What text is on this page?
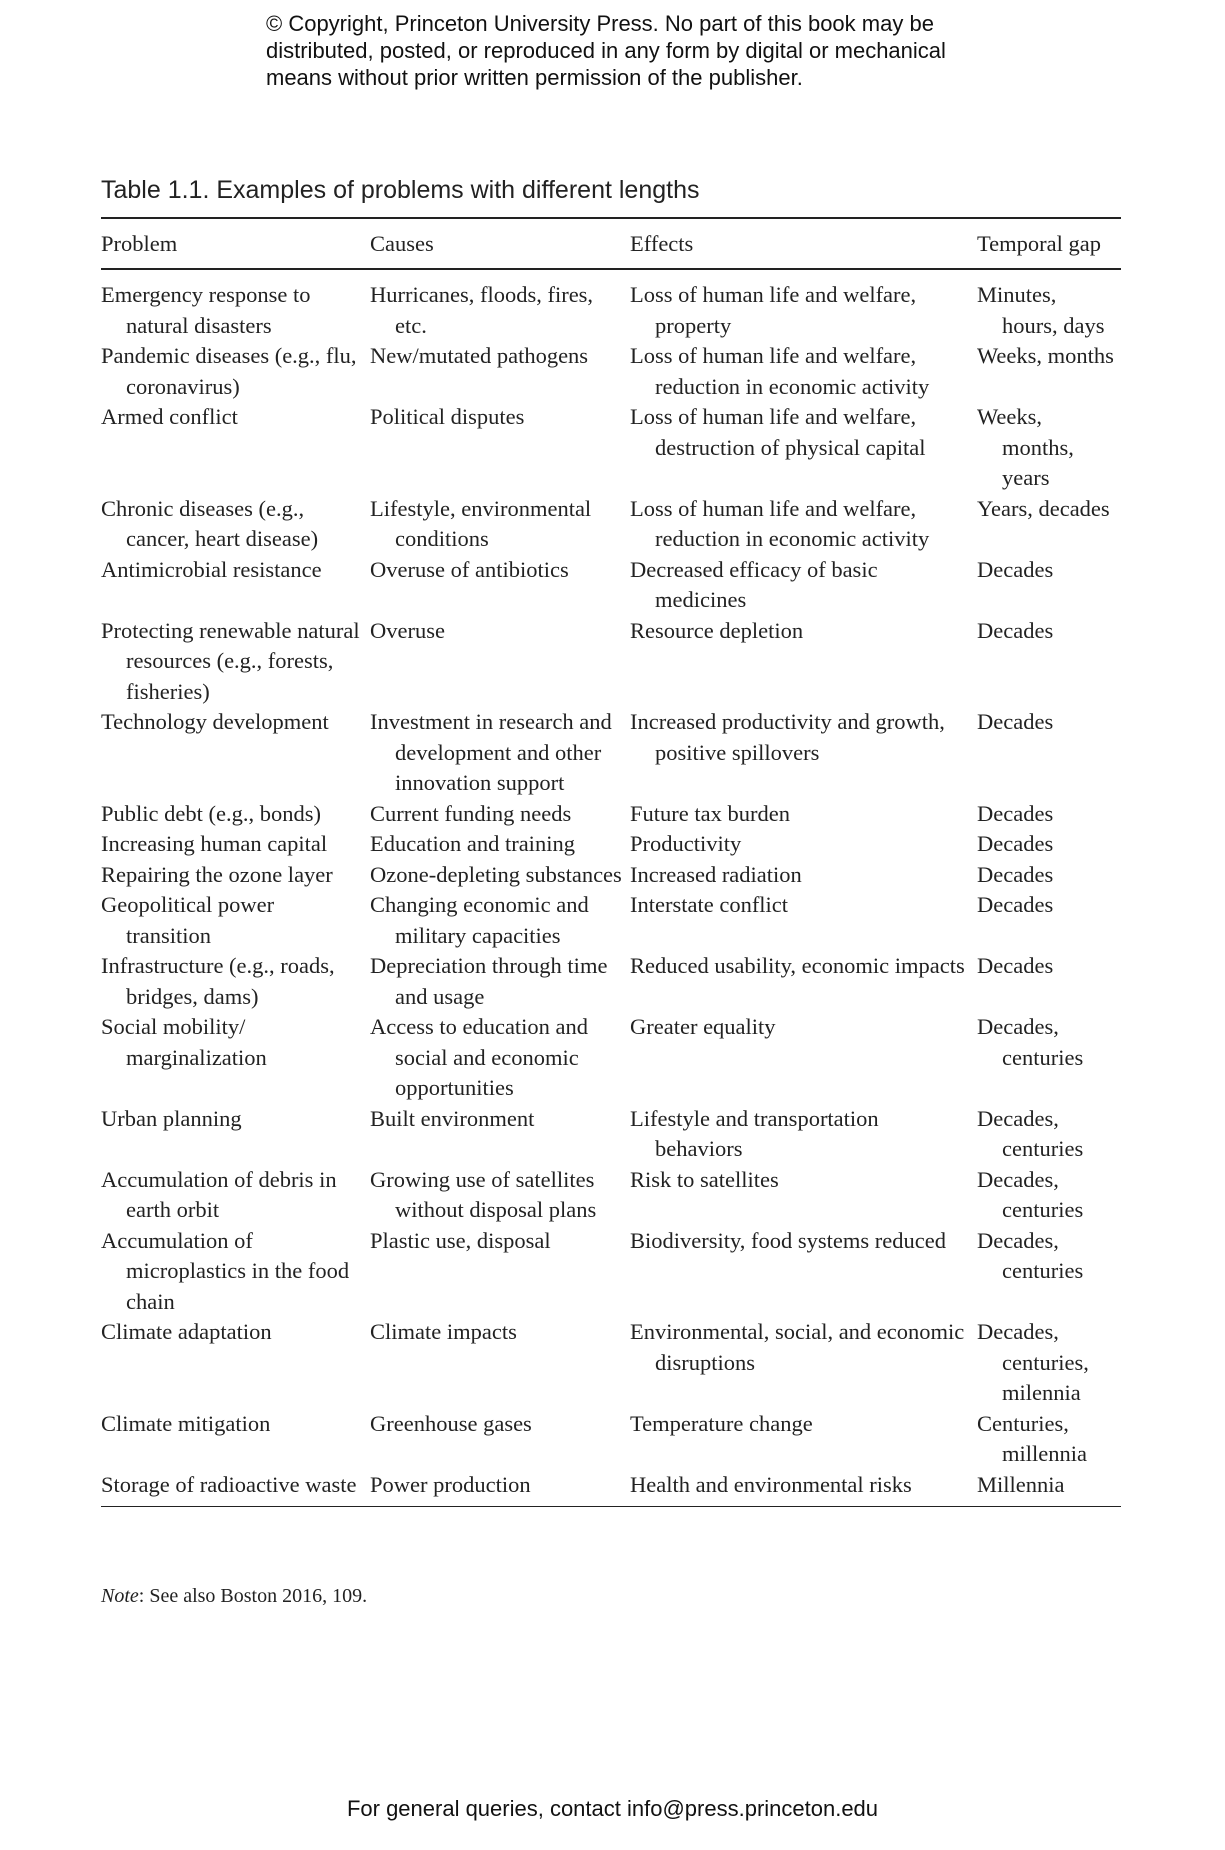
© Copyright, Princeton University Press. No part of this book may be
distributed, posted, or reproduced in any form by digital or mechanical
means without prior written permission of the publisher.
Table 1.1. Examples of problems with different lengths
Problem	Causes	Effects	Temporal gap

Emergency response to natural disasters	Hurricanes, floods, fires, etc.	Loss of human life and welfare, property	Minutes, hours, days

Pandemic diseases (e.g., flu, coronavirus)	New/mutated pathogens	Loss of human life and welfare, reduction in economic activity	Weeks, months

Armed conflict	Political disputes	Loss of human life and welfare, destruction of physical capital	Weeks, months, years

Chronic diseases (e.g., cancer, heart disease)	Lifestyle, environmental conditions	Loss of human life and welfare, reduction in economic activity	Years, decades

Antimicrobial resistance	Overuse of antibiotics	Decreased efficacy of basic medicines	Decades

Protecting renewable natural resources (e.g., forests, fisheries)	Overuse	Resource depletion	Decades

Technology development	Investment in research and development and other innovation support	Increased productivity and growth, positive spillovers	Decades

Public debt (e.g., bonds)	Current funding needs	Future tax burden	Decades

Increasing human capital	Education and training	Productivity	Decades

Repairing the ozone layer	Ozone-depleting substances	Increased radiation	Decades

Geopolitical power transition	Changing economic and military capacities	Interstate conflict	Decades

Infrastructure (e.g., roads, bridges, dams)	Depreciation through time and usage	Reduced usability, economic impacts	Decades

Social mobility/ marginalization	Access to education and social and economic opportunities	Greater equality	Decades, centuries

Urban planning	Built environment	Lifestyle and transportation behaviors	Decades, centuries

Accumulation of debris in earth orbit	Growing use of satellites without disposal plans	Risk to satellites	Decades, centuries

Accumulation of microplastics in the food chain	Plastic use, disposal	Biodiversity, food systems reduced	Decades, centuries

Climate adaptation	Climate impacts	Environmental, social, and economic disruptions	Decades, centuries, milennia

Climate mitigation	Greenhouse gases	Temperature change	Centuries, millennia

Storage of radioactive waste	Power production	Health and environmental risks	Millennia
Note: See also Boston 2016, 109.
For general queries, contact info@press.princeton.edu
